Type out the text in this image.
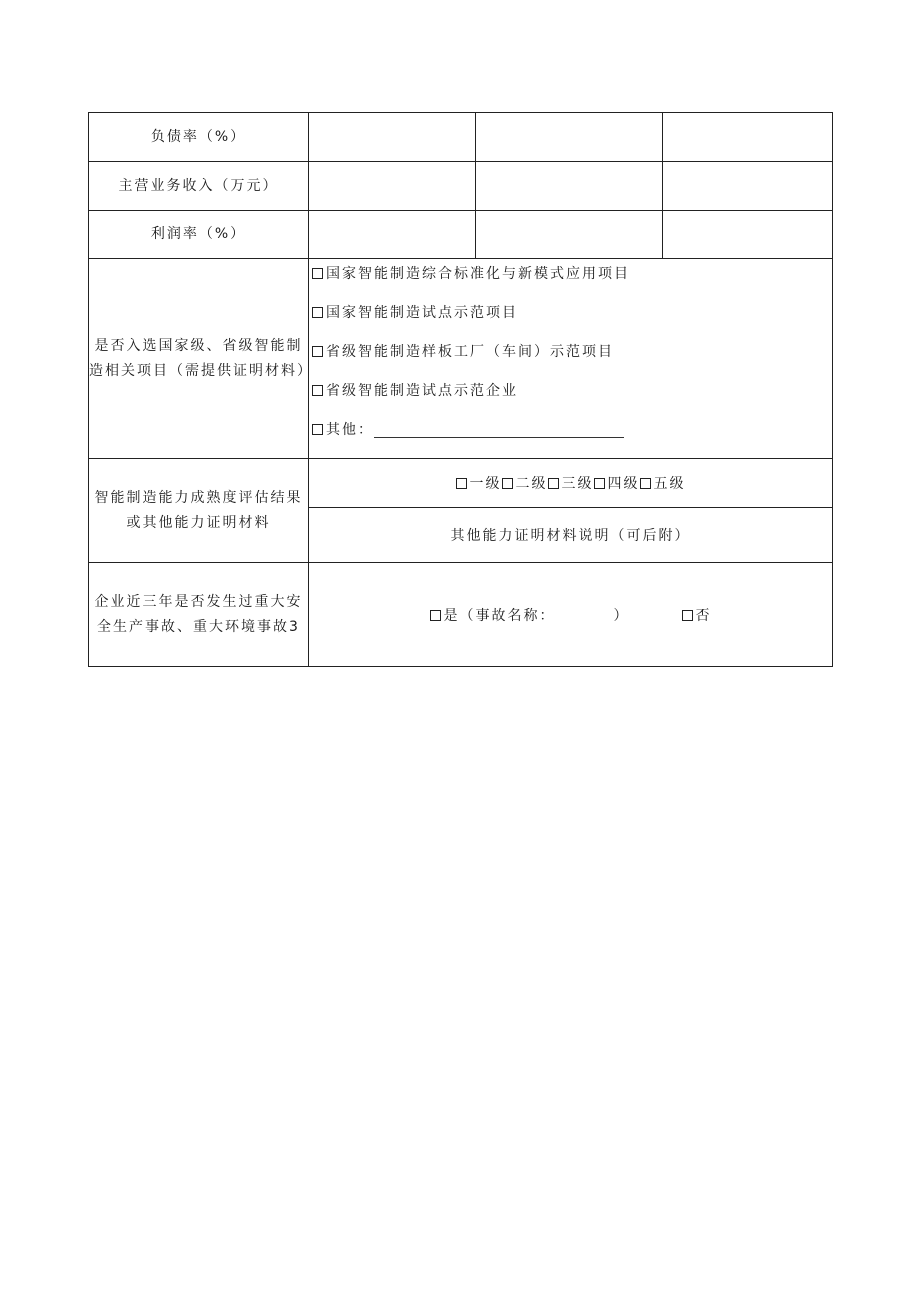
负债率（%）			
主营业务收入（万元）			
利润率（%）			
是否入选国家级、省级智能制造相关项目（需提供证明材料）	国家智能制造综合标准化与新模式应用项目
国家智能制造试点示范项目
省级智能制造样板工厂（车间）示范项目
省级智能制造试点示范企业
其他：		

智能制造能力成熟度评估结果或其他能力证明材料	一级 二级 三级 四级 五级		
	其他能力证明材料说明（可后附）		
企业近三年是否发生过重大安全生产事故、重大环境事故3	是（事故名称： ） 否		
